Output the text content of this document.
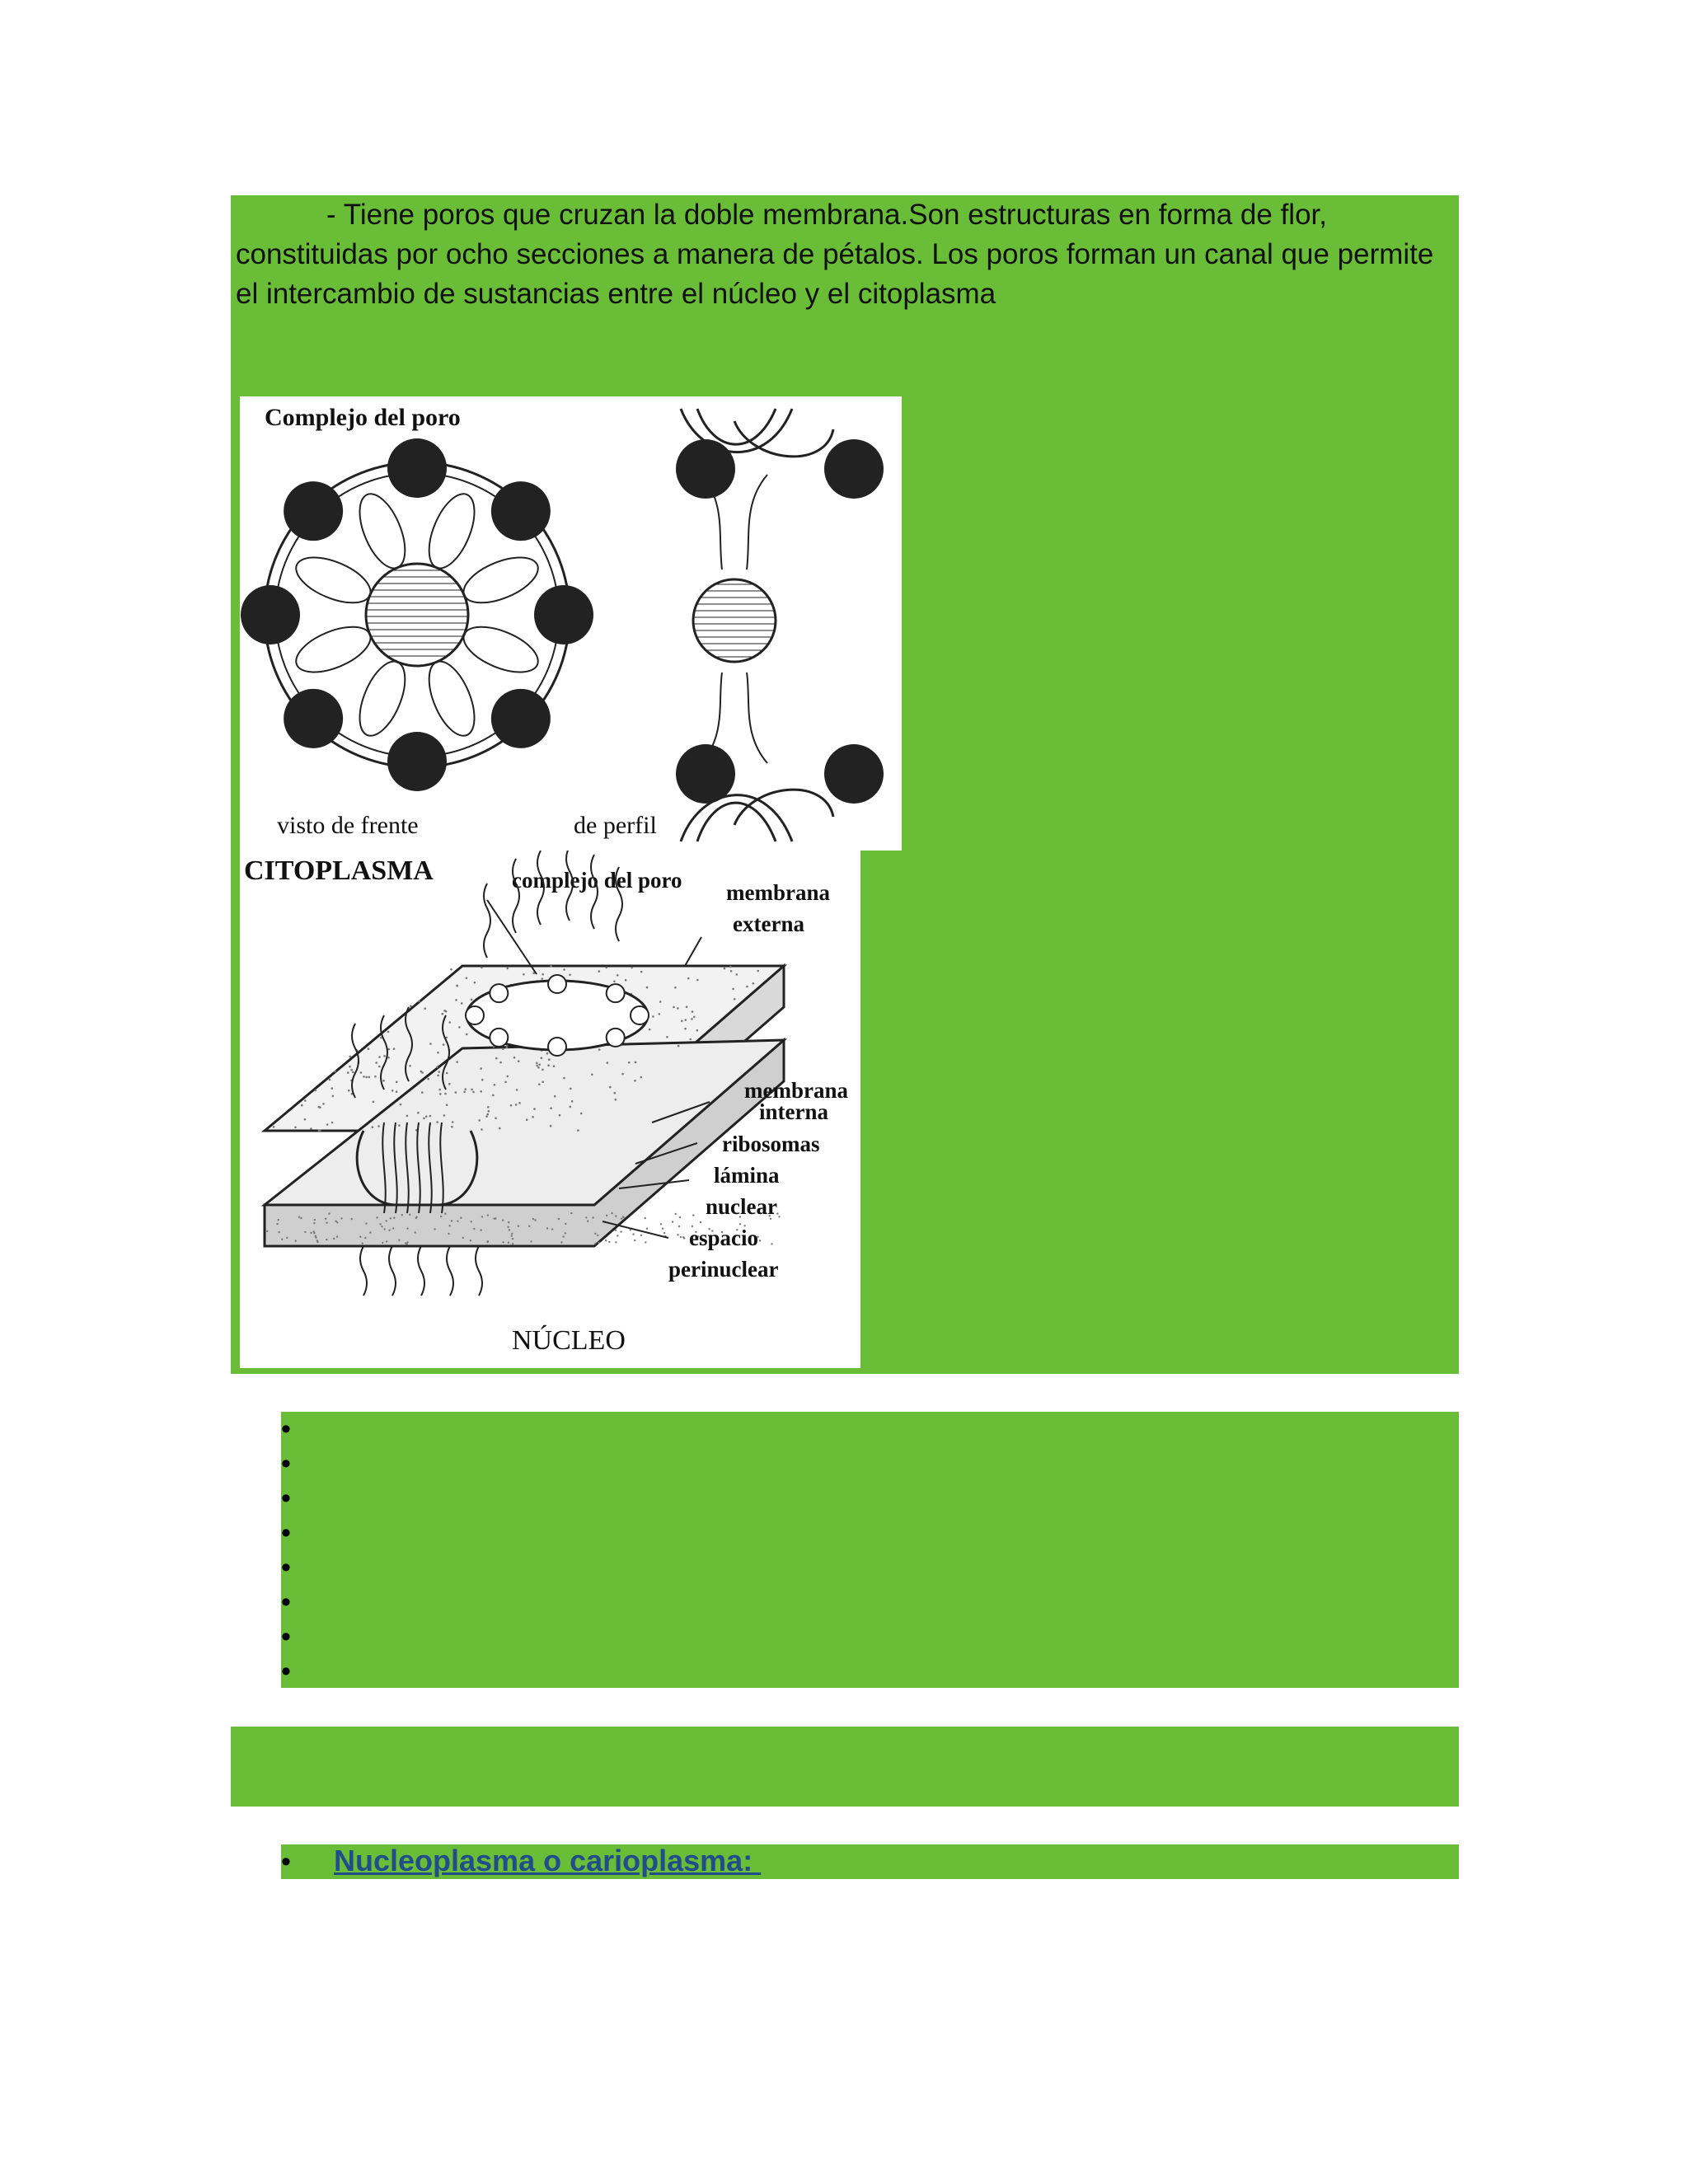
- Tiene poros que cruzan la doble membrana.Son estructuras en forma de flor, constituidas por ocho secciones a manera de pétalos. Los poros forman un canal que permite el intercambio de sustancias entre el núcleo y el citoplasma

Complejo del poro
visto de frente	de perfil
CITOPLASMA	complejo del poro membrana
externa
membrana
interna
ribosomas
lámina
nuclear
espacio
perinuclear
NÚCLEO
•
•
•
•
•
•
•
•
• Nucleoplasma o carioplasma:
